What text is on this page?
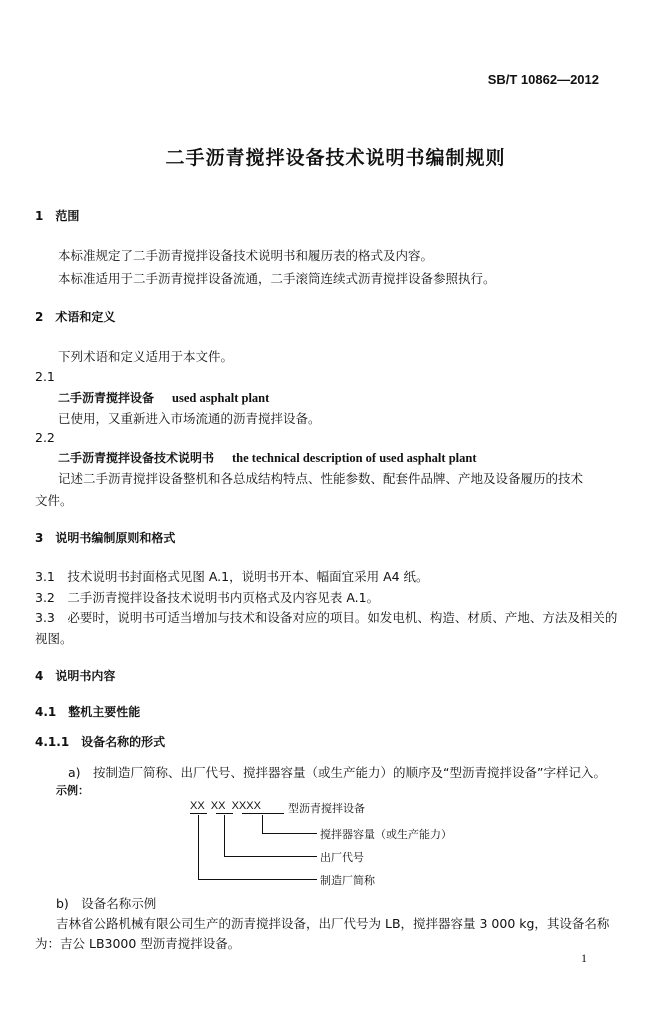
SB/T 10862—2012
二手沥青搅拌设备技术说明书编制规则
1　范围
本标准规定了二手沥青搅拌设备技术说明书和履历表的格式及内容。
本标准适用于二手沥青搅拌设备流通，二手滚筒连续式沥青搅拌设备参照执行。
2　术语和定义
下列术语和定义适用于本文件。
2.1
二手沥青搅拌设备 used asphalt plant
已使用，又重新进入市场流通的沥青搅拌设备。
2.2
二手沥青搅拌设备技术说明书 the technical description of used asphalt plant
记述二手沥青搅拌设备整机和各总成结构特点、性能参数、配套件品牌、产地及设备履历的技术
文件。
3　说明书编制原则和格式
3.1　技术说明书封面格式见图 A.1，说明书开本、幅面宜采用 A4 纸。
3.2　二手沥青搅拌设备技术说明书内页格式及内容见表 A.1。
3.3　必要时，说明书可适当增加与技术和设备对应的项目。如发电机、构造、材质、产地、方法及相关的
视图。
4　说明书内容
4.1　整机主要性能
4.1.1　设备名称的形式
a)　按制造厂简称、出厂代号、搅拌器容量（或生产能力）的顺序及“型沥青搅拌设备”字样记入。
示例：
XX  XX  XXXX 型沥青搅拌设备
搅拌器容量（或生产能力）
出厂代号
制造厂简称
b)　设备名称示例
吉林省公路机械有限公司生产的沥青搅拌设备，出厂代号为 LB，搅拌器容量 3 000 kg，其设备名称
为：吉公 LB3000 型沥青搅拌设备。
1
